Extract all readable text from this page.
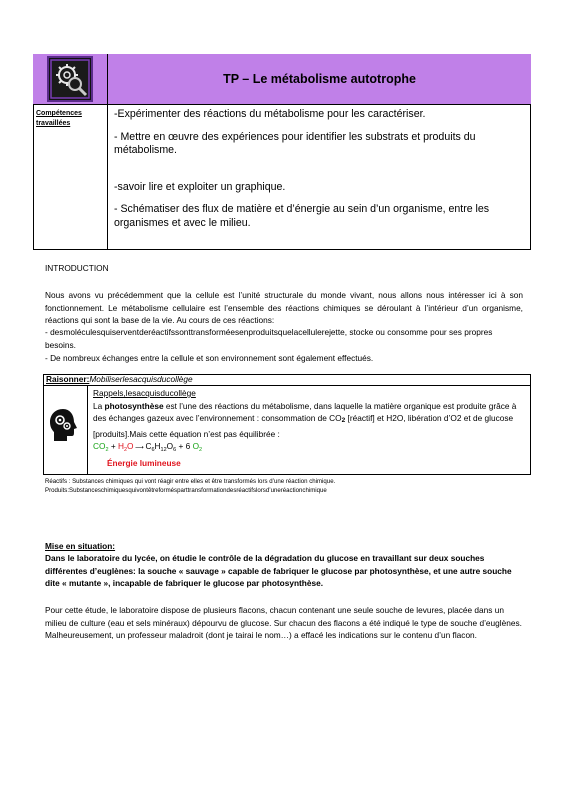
TP – Le métabolisme autotrophe
Compétences travaillées

-Expérimenter des réactions du métabolisme pour les caractériser.

- Mettre en œuvre des expériences pour identifier les substrats et produits du métabolisme.

-savoir lire et exploiter un graphique.

- Schématiser des flux de matière et d’énergie au sein d’un organisme, entre les organismes et avec le milieu.

INTRODUCTION
Nous avons vu précédemment que la cellule est l’unité structurale du monde vivant, nous allons nous intéresser ici à son fonctionnement. Le métabolisme cellulaire est l’ensemble des réactions chimiques se déroulant à l’intérieur d’un organisme, réactions qui sont la base de la vie. Au cours de ces réactions:
- desmoléculesquiserventderéactifssonttransforméesenproduitsquelacellulerejette, stocke ou consomme pour ses propres besoins.
- De nombreux échanges entre la cellule et son environnement sont également effectués.
Raisonner:Mobiliserlesacquisducollège
Rappels,lesacquisducollège
La photosynthèse est l’une des réactions du métabolisme, dans laquelle la matière organique est produite grâce à des échanges gazeux avec l’environnement : consommation de CO2 [réactif] et H2O, libération d’O2 et de glucose [produits].Mais cette équation n’est pas équilibrée :
$CO_2 + H_2O$ ⟶ $C_6H_{12}O_6 + 6$ $O_2$
Énergie lumineuse
Réactifs : Substances chimiques qui vont réagir entre elles et être transformés lors d’une réaction chimique.
Produits:Substanceschimiquesquivontêtreformésparttransformationdesréactifslorsd’uneréactionchimique
Mise en situation:
Dans le laboratoire du lycée, on étudie le contrôle de la dégradation du glucose en travaillant sur deux souches différentes d’euglènes: la souche « sauvage » capable de fabriquer le glucose par photosynthèse, et une autre souche dite « mutante », incapable de fabriquer le glucose par photosynthèse.
Pour cette étude, le laboratoire dispose de plusieurs flacons, chacun contenant une seule souche de levures, placée dans un milieu de culture (eau et sels minéraux) dépourvu de glucose. Sur chacun des flacons a été indiqué le type de souche d’euglènes. Malheureusement, un professeur maladroit (dont je tairai le nom…) a effacé les indications sur le contenu d’un flacon.
